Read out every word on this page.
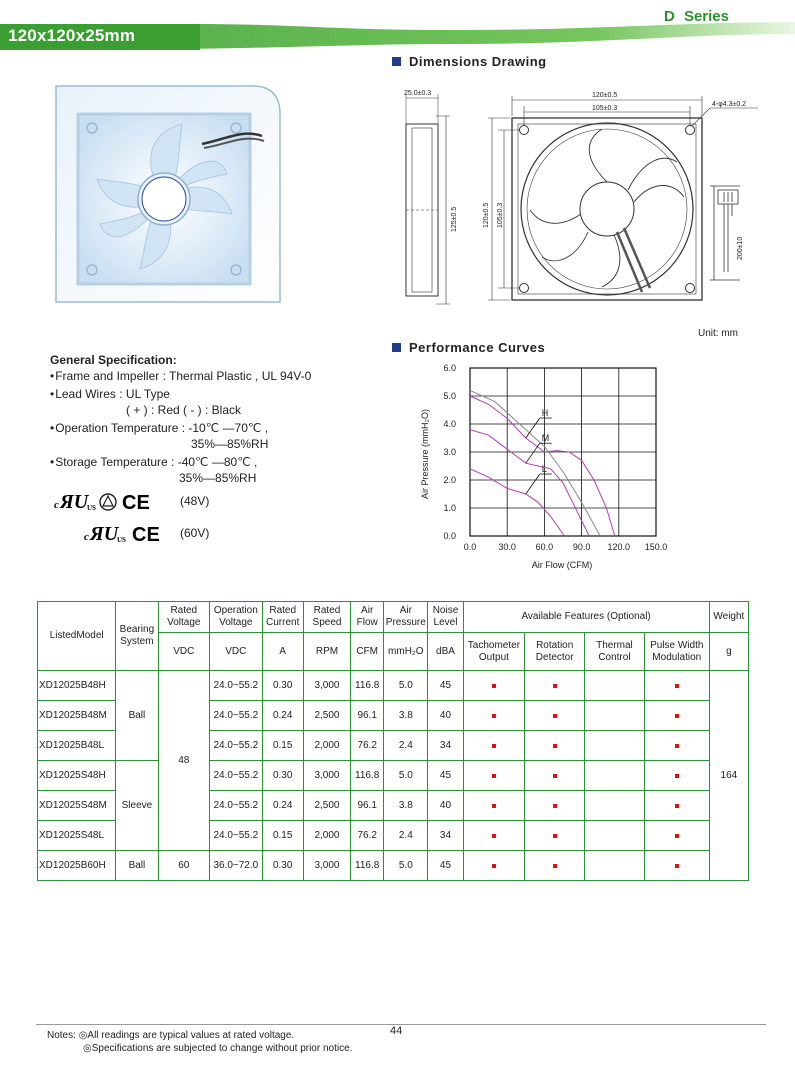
120x120x25mm
D Series
Dimensions Drawing
25.0±0.3
125±0.5
120±0.5
105±0.3
4-φ4.3±0.2
120±0.5 105±0.3
200±10
Unit: mm
Performance Curves
General Specification:
• Frame and Impeller : Thermal Plastic , UL 94V-0
• Lead Wires : UL Type
( + ) : Red ( - ) : Black
• Operation Temperature : -10℃ —70℃ ,
35%—85%RH
• Storage Temperature : -40℃ —80℃ ,
35%—85%RH
c ЯU
US CE	(48V)
c ЯU
US CE (60V)
0.0 30.0 60.0 90.0 120.0 150.0
0.0
1.0
2.0
3.0
4.0
5.0
6.0
H
M
L
Air Flow (CFM)
Air Pressure (mmH₂O)
ListedModel	Bearing System	Rated Voltage	Operation Voltage	Rated Current	Rated Speed	Air Flow	Air Pressure	Noise Level	Available Features (Optional)				Weight
		VDC	VDC	A	RPM	CFM	mmH₂O	dBA	Tachometer Output	Rotation Detector	Thermal Control	Pulse Width Modulation	g
XD12025B48H	Ball	48	24.0~55.2	0.30	3,000	116.8	5.0	45					164
XD12025B48M			24.0~55.2	0.24	2,500	96.1	3.8	40					
XD12025B48L			24.0~55.2	0.15	2,000	76.2	2.4	34					
XD12025S48H	Sleeve		24.0~55.2	0.30	3,000	116.8	5.0	45					
XD12025S48M			24.0~55.2	0.24	2,500	96.1	3.8	40					
XD12025S48L			24.0~55.2	0.15	2,000	76.2	2.4	34					
XD12025B60H	Ball	60	36.0~72.0	0.30	3,000	116.8	5.0	45					
Notes: ◎All readings are typical values at rated voltage.
◎Specifications are subjected to change without prior notice.
44
